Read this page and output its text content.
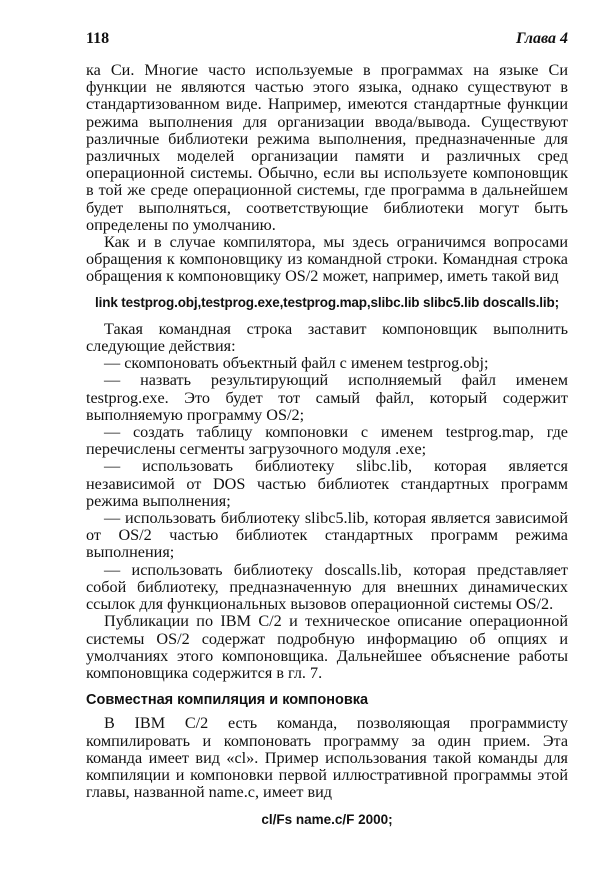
118	Глава 4

ка Си. Многие часто используемые в программах на языке Си функции не являются частью этого языка, однако существуют в стандартизованном виде. Например, имеются стандартные функции режима выполнения для организации ввода/вывода. Существуют различные библиотеки режима выполнения, предназначенные для различных моделей организации памяти и различных сред операционной системы. Обычно, если вы используете компоновщик в той же среде операционной системы, где программа в дальнейшем будет выполняться, соответствующие библиотеки могут быть определены по умолчанию.

Как и в случае компилятора, мы здесь ограничимся вопросами обращения к компоновщику из командной строки. Командная строка обращения к компоновщику OS/2 может, например, иметь такой вид

link testprog.obj,testprog.exe,testprog.map,slibc.lib slibc5.lib doscalls.lib;

Такая командная строка заставит компоновщик выполнить следующие действия:

— скомпоновать объектный файл с именем testprog.obj;

— назвать результирующий исполняемый файл именем testprog.exe. Это будет тот самый файл, который содержит выполняемую программу OS/2;

— создать таблицу компоновки с именем testprog.map, где перечислены сегменты загрузочного модуля .exe;

— использовать библиотеку slibc.lib, которая является независимой от DOS частью библиотек стандартных программ режима выполнения;

— использовать библиотеку slibc5.lib, которая является зависимой от OS/2 частью библиотек стандартных программ режима выполнения;

— использовать библиотеку doscalls.lib, которая представляет собой библиотеку, предназначенную для внешних динамических ссылок для функциональных вызовов операционной системы OS/2.

Публикации по IBM C/2 и техническое описание операционной системы OS/2 содержат подробную информацию об опциях и умолчаниях этого компоновщика. Дальнейшее объяснение работы компоновщика содержится в гл. 7.

Совместная компиляция и компоновка

В IBM C/2 есть команда, позволяющая программисту компилировать и компоновать программу за один прием. Эта команда имеет вид «cl». Пример использования такой команды для компиляции и компоновки первой иллюстративной программы этой главы, названной name.c, имеет вид

cl/Fs name.c/F 2000;
